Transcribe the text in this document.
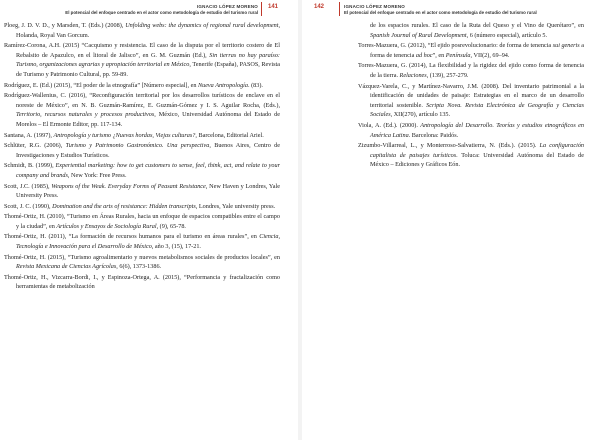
IGNACIO LÓPEZ MORENO
El potencial del enfoque centrado en el actor como metodología de estudio del turismo rural
141

Ploeg, J. D. V. D., y Marsden, T. (Eds.) (2008), Unfolding webs: the dynamics of regional rural development, Holanda, Royal Van Gorcum.

Ramírez-Corona, A.H. (2015) “Cacquismo y resistencia. El caso de la disputa por el territorio costero de El Rebalsito de Apazulco, en el litoral de Jalisco”, en G. M. Guzmán (Ed.), Sin tierras no hay paraíso: Turismo, organizaciones agrarias y apropiación territorial en México, Tenerife (España), PASOS, Revista de Turismo y Patrimonio Cultural, pp. 59-89.

Rodríguez, E. (Ed.) (2015), “El poder de la etnografía” [Número especial], en Nueva Antropología. (83).

Rodríguez-Wallenius, C. (2016), “Reconfiguración territorial por los desarrollos turísticos de enclave en el noreste de México”, en N. B. Guzmán-Ramírez, E. Guzmán-Gómez y I. S. Aguilar Rocha, (Eds.), Territorio, recursos naturales y procesos productivos, México, Universidad Autónoma del Estado de Morelos – El Ermonte Editor, pp. 117-134.

Santana, A. (1997), Antropología y turismo ¿Nuevas hordas, Viejas culturas?, Barcelona, Editorial Ariel.

Schlüter, R.G. (2006), Turismo y Patrimonio Gastronómico. Una perspectiva, Buenos Aires, Centro de Investigaciones y Estudios Turísticos.

Schmidt, B. (1999), Experiential marketing: how to get customers to sense, feel, think, act, and relate to your company and brands, New York: Free Press.

Scott, J.C. (1985), Weapons of the Weak. Everyday Forms of Peasant Resistance, New Haven y Londres, Yale University Press.

Scott, J. C. (1990), Domination and the arts of resistance: Hidden transcripts, Londres, Yale university press.

Thomé-Ortiz, H. (2010), “Turismo en Áreas Rurales, hacia un enfoque de espacios compatibles entre el campo y la ciudad”, en Artículos y Ensayos de Sociología Rural, (9), 65-78.

Thomé-Ortiz, H. (2011), “La formación de recursos humanos para el turismo en áreas rurales”, en Ciencia, Tecnología e Innovación para el Desarrollo de México, año 3, (15), 17-21.

Thomé-Ortiz, H. (2015), “Turismo agroalimentario y nuevos metabolismos sociales de productos locales”, en Revista Mexicana de Ciencias Agrícolas, 6(6), 1373-1386.

Thomé-Ortiz, H., Vizcarra-Bordi, I., y Espinoza-Ortega, A. (2015), “Performancia y fractalización como herramientas de metabolización

142	IGNACIO LÓPEZ MORENO
El potencial del enfoque centrado en el actor como metodología de estudio del turismo rural

de los espacios rurales. El caso de la Ruta del Queso y el Vino de Querétaro”, en Spanish Journal of Rural Development, 6 (número especial), artículo 5.

Torres-Mazuera, G. (2012), “El ejido posrevolucionario: de forma de tenencia sui generis a forma de tenencia ad hoc”, en Península, VII(2), 69–94.

Torres-Mazuera, G. (2014), La flexibilidad y la rigidez del ejido como forma de tenencia de la tierra. Relaciones, (139), 257-279.

Vázquez-Varela, C., y Martínez-Navarro, J.M. (2008). Del inventario patrimonial a la identificación de unidades de paisaje: Estrategias en el marco de un desarrollo territorial sostenible. Scripta Nova. Revista Electrónica de Geografía y Ciencias Sociales, XII(270), artículo 135.

Viola, A. (Ed.). (2000). Antropología del Desarrollo. Teorías y estudios etnográficos en América Latina. Barcelona: Paidós.

Zizumbo-Villarreal, L., y Monterroso-Salvatierra, N. (Eds.). (2015). La configuración capitalista de paisajes turísticos. Toluca: Universidad Autónoma del Estado de México – Ediciones y Gráficos Eón.
